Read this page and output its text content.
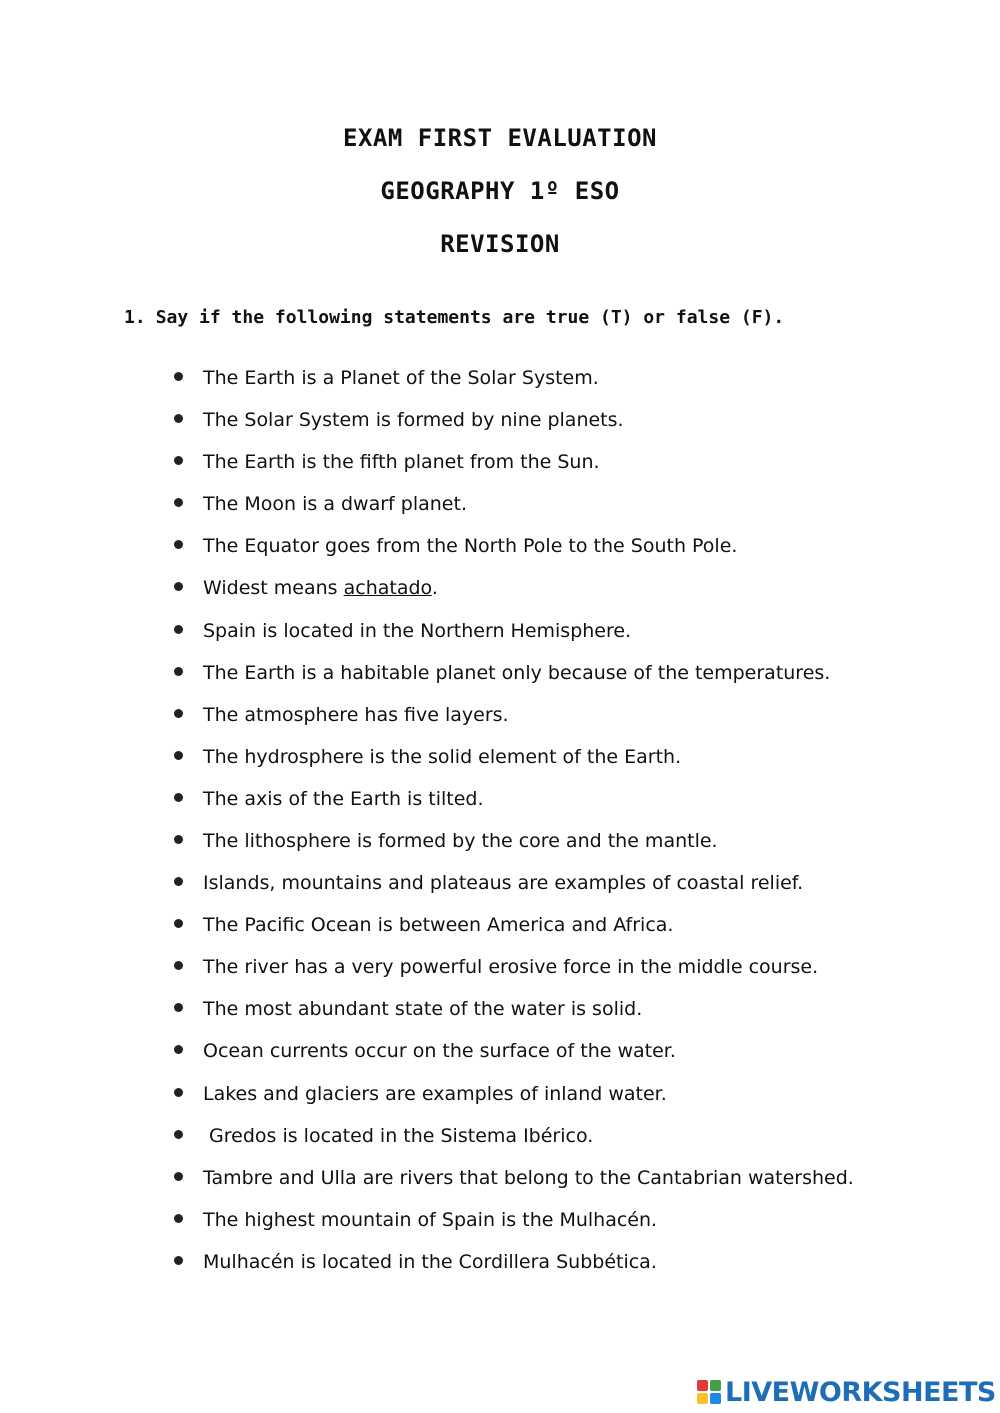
EXAM FIRST EVALUATION
GEOGRAPHY 1º ESO
REVISION

1. Say if the following statements are true (T) or false (F).

The Earth is a Planet of the Solar System.
The Solar System is formed by nine planets.
The Earth is the fifth planet from the Sun.
The Moon is a dwarf planet.
The Equator goes from the North Pole to the South Pole.
Widest means achatado.
Spain is located in the Northern Hemisphere.
The Earth is a habitable planet only because of the temperatures.
The atmosphere has five layers.
The hydrosphere is the solid element of the Earth.
The axis of the Earth is tilted.
The lithosphere is formed by the core and the mantle.
Islands, mountains and plateaus are examples of coastal relief.
The Pacific Ocean is between America and Africa.
The river has a very powerful erosive force in the middle course.
The most abundant state of the water is solid.
Ocean currents occur on the surface of the water.
Lakes and glaciers are examples of inland water.
Gredos is located in the Sistema Ibérico.
Tambre and Ulla are rivers that belong to the Cantabrian watershed.
The highest mountain of Spain is the Mulhacén.
Mulhacén is located in the Cordillera Subbética.
LIVEWORKSHEETS
